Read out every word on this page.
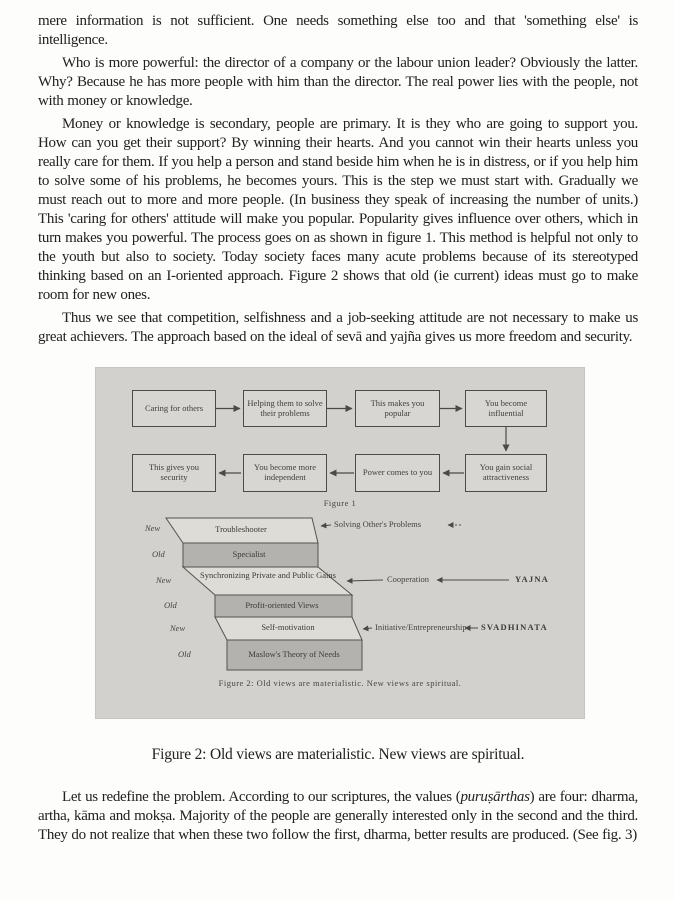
mere information is not sufficient. One needs something else too and that 'something else' is intelligence.

Who is more powerful: the director of a company or the labour union leader? Obviously the latter. Why? Because he has more people with him than the director. The real power lies with the people, not with money or knowledge.

Money or knowledge is secondary, people are primary. It is they who are going to support you. How can you get their support? By winning their hearts. And you cannot win their hearts unless you really care for them. If you help a person and stand beside him when he is in distress, or if you help him to solve some of his problems, he becomes yours. This is the step we must start with. Gradually we must reach out to more and more people. (In business they speak of increasing the number of units.) This 'caring for others' attitude will make you popular. Popularity gives influence over others, which in turn makes you powerful. The process goes on as shown in figure 1. This method is helpful not only to the youth but also to society. Today society faces many acute problems because of its stereotyped thinking based on an I-oriented approach. Figure 2 shows that old (ie current) ideas must go to make room for new ones.

Thus we see that competition, selfishness and a job-seeking attitude are not necessary to make us great achievers. The approach based on the ideal of sevā and yajña gives us more freedom and security.

Caring for others	Helping them to solve their problems
This makes you popular
You become influential
This gives you security
You become more independent	Power comes to you	You gain social attractiveness
Figure 1
New
Old
New
Old
New
Old
Troubleshooter
Specialist
Synchronizing Private and Public Gains
Profit-oriented Views
Self-motivation
Maslow's Theory of Needs
Solving Other's Problems
Cooperation	YAJNA
Initiative/Entrepreneurship SVADHINATA
Figure 2: Old views are materialistic. New views are spiritual.

Figure 2: Old views are materialistic. New views are spiritual.

Let us redefine the problem. According to our scriptures, the values (puruṣārthas) are four: dharma, artha, kāma and mokṣa. Majority of the people are generally interested only in the second and the third. They do not realize that when these two follow the first, dharma, better results are produced. (See fig. 3)
